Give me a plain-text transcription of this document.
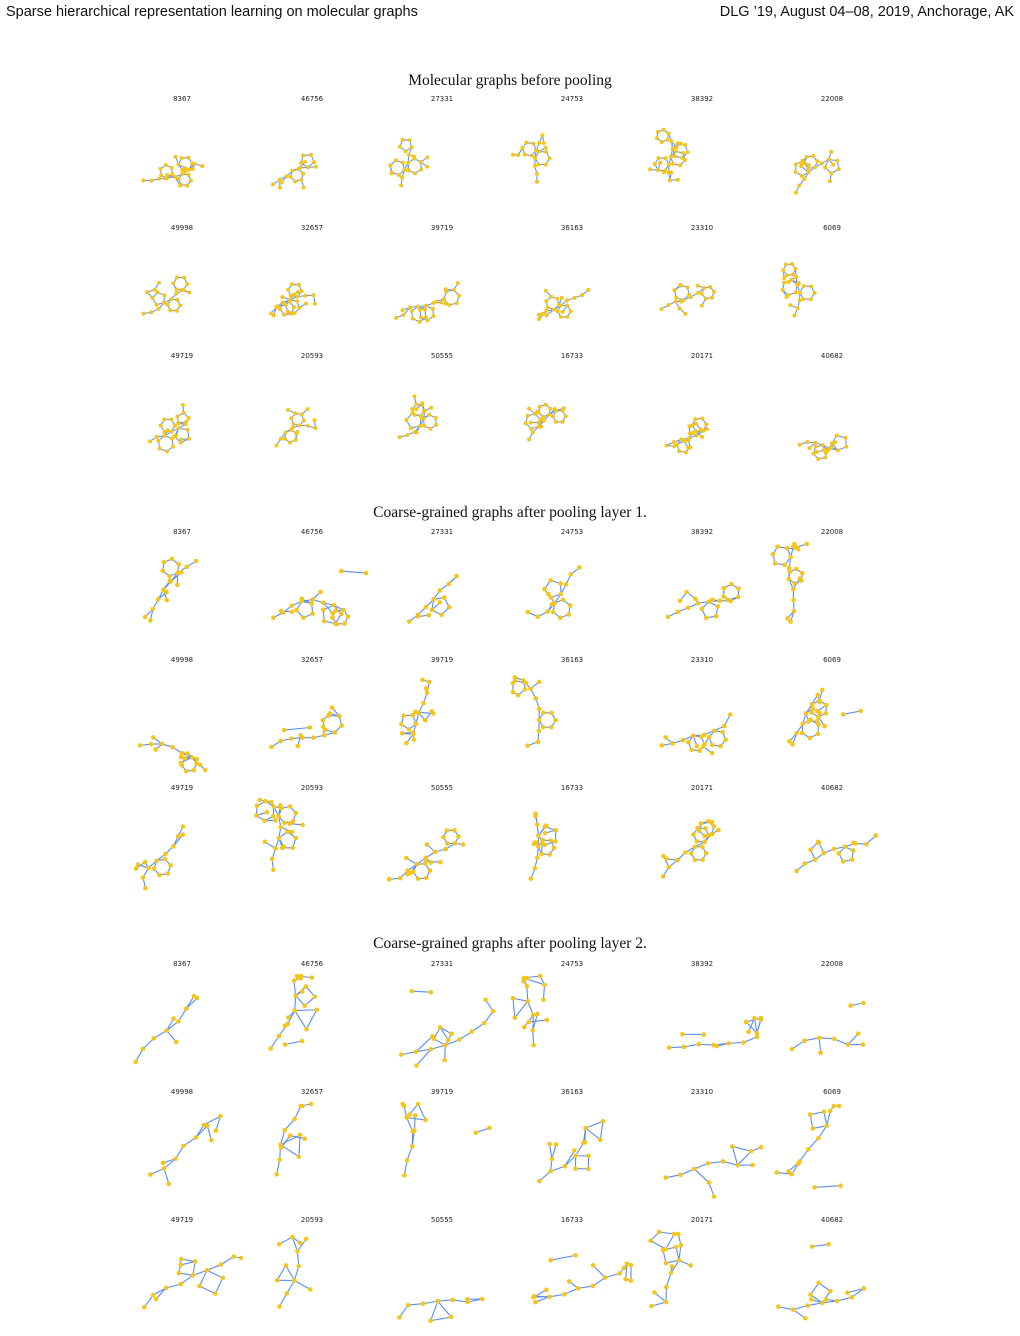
Sparse hierarchical representation learning on molecular graphs	DLG ’19, August 04–08, 2019, Anchorage, AK
Molecular graphs before pooling
Coarse-grained graphs after pooling layer 1.
Coarse-grained graphs after pooling layer 2.
8367	46756	27331	24753	38392	22008
49998	32657	39719	36163	23310	6069
49719	20593	50555	16733	20171	40682
8367	46756	27331	24753	38392	22008
49998	32657	39719	36163	23310	6069
49719	20593	50555	16733	20171	40682
8367	46756	27331	24753	38392	22008
49998	32657	39719	36163	23310	6069
49719	20593	50555	16733	20171	40682
